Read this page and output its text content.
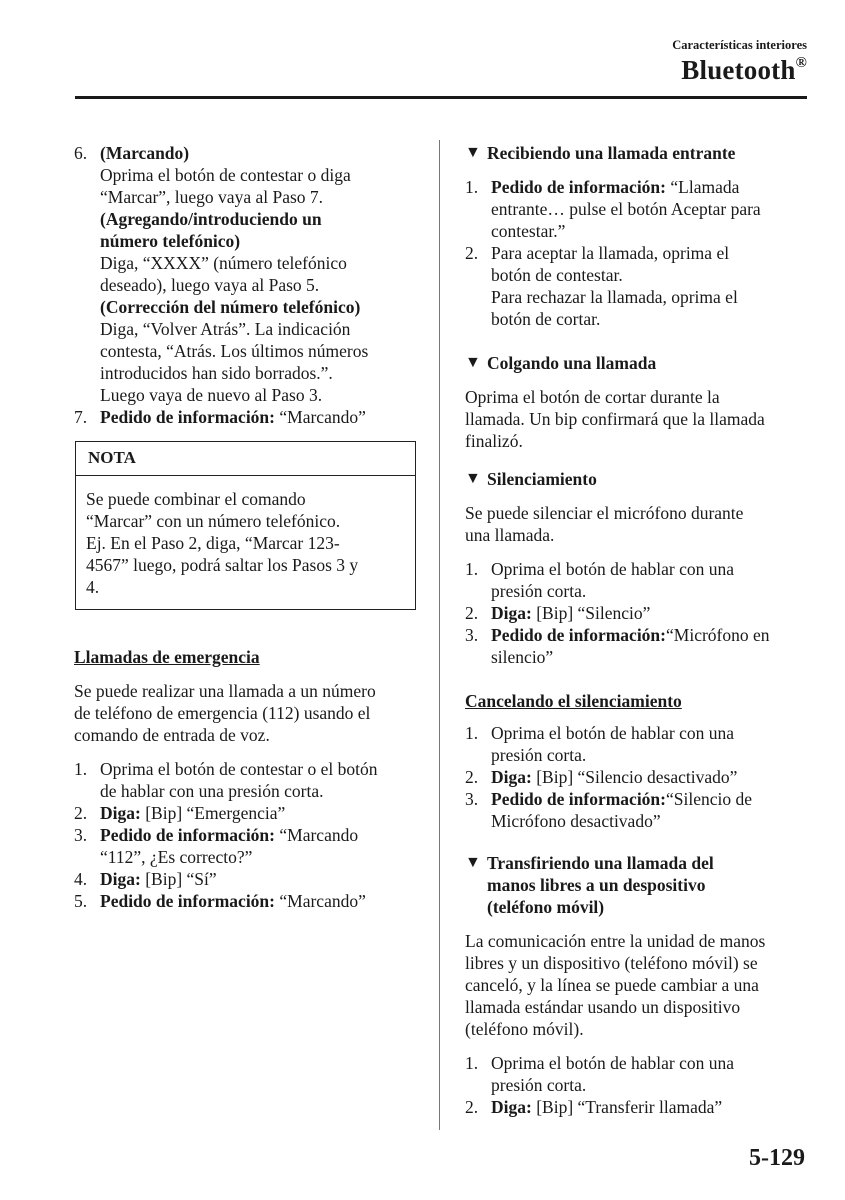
Características interiores
Bluetooth®
6. (Marcando)
Oprima el botón de contestar o diga
“Marcar”, luego vaya al Paso 7.
(Agregando/introduciendo un
número telefónico)
Diga, “XXXX” (número telefónico
deseado), luego vaya al Paso 5.
(Corrección del número telefónico)
Diga, “Volver Atrás”. La indicación
contesta, “Atrás. Los últimos números
introducidos han sido borrados.”.
Luego vaya de nuevo al Paso 3.
7. Pedido de información: “Marcando”
NOTA
Se puede combinar el comando
“Marcar” con un número telefónico.
Ej. En el Paso 2, diga, “Marcar 123-
4567” luego, podrá saltar los Pasos 3 y
4.
Llamadas de emergencia
Se puede realizar una llamada a un número
de teléfono de emergencia (112) usando el
comando de entrada de voz.
1. Oprima el botón de contestar o el botón
de hablar con una presión corta.
2. Diga: [Bip] “Emergencia”
3. Pedido de información: “Marcando
“112”, ¿Es correcto?”
4. Diga: [Bip] “Sí”
5. Pedido de información: “Marcando”
▼ Recibiendo una llamada entrante
1. Pedido de información: “Llamada
entrante… pulse el botón Aceptar para
contestar.”
2. Para aceptar la llamada, oprima el
botón de contestar.
Para rechazar la llamada, oprima el
botón de cortar.
▼ Colgando una llamada
Oprima el botón de cortar durante la
llamada. Un bip confirmará que la llamada
finalizó.
▼ Silenciamiento
Se puede silenciar el micrófono durante
una llamada.
1. Oprima el botón de hablar con una
presión corta.
2. Diga: [Bip] “Silencio”
3. Pedido de información:“Micrófono en
silencio”
Cancelando el silenciamiento
1. Oprima el botón de hablar con una
presión corta.
2. Diga: [Bip] “Silencio desactivado”
3. Pedido de información:“Silencio de
Micrófono desactivado”
▼ Transfiriendo una llamada del
manos libres a un despositivo
(teléfono móvil)
La comunicación entre la unidad de manos
libres y un dispositivo (teléfono móvil) se
canceló, y la línea se puede cambiar a una
llamada estándar usando un dispositivo
(teléfono móvil).
1. Oprima el botón de hablar con una
presión corta.
2. Diga: [Bip] “Transferir llamada”
5-129
